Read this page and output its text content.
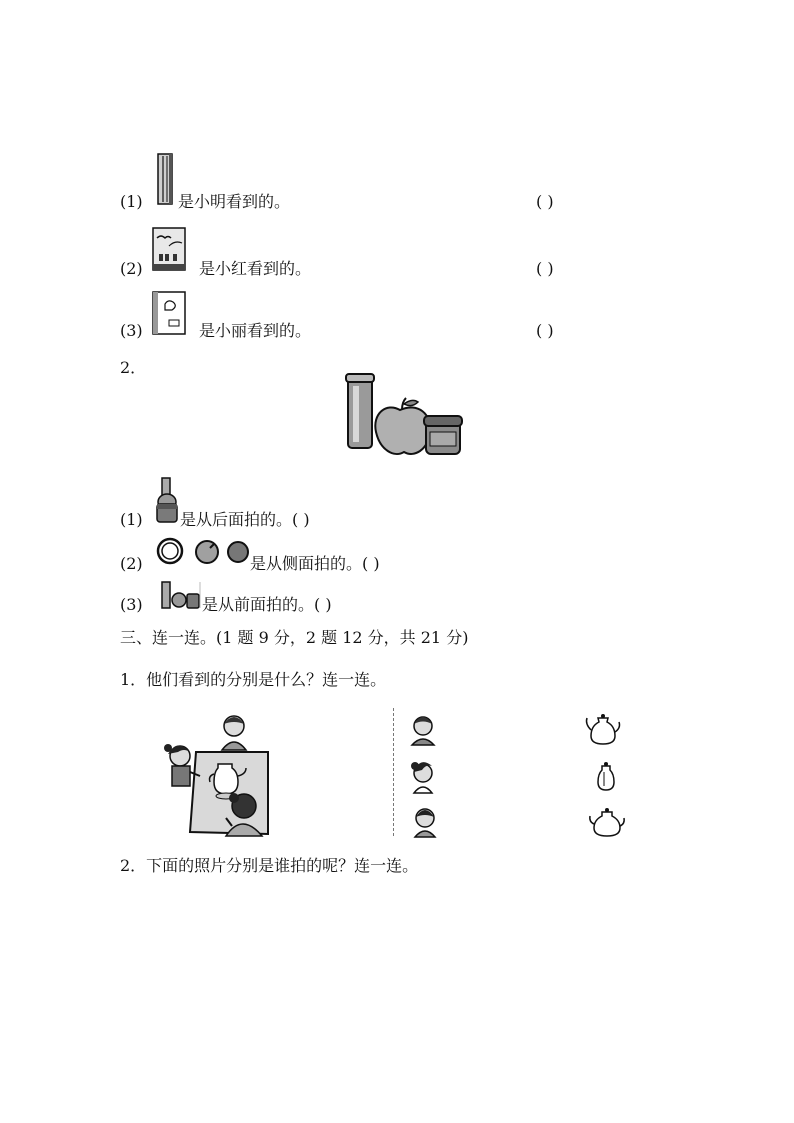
(1) 是小明看到的。	( )
(2)	是小红看到的。	( )
(3)	是小丽看到的。	( )
2．
(1) 是从后面拍的。( )
(2)	是从侧面拍的。( )
(3)	是从前面拍的。( )
三、连一连。(1 题 9 分，2 题 12 分，共 21 分)
1．他们看到的分别是什么？连一连。
2．下面的照片分别是谁拍的呢？连一连。
